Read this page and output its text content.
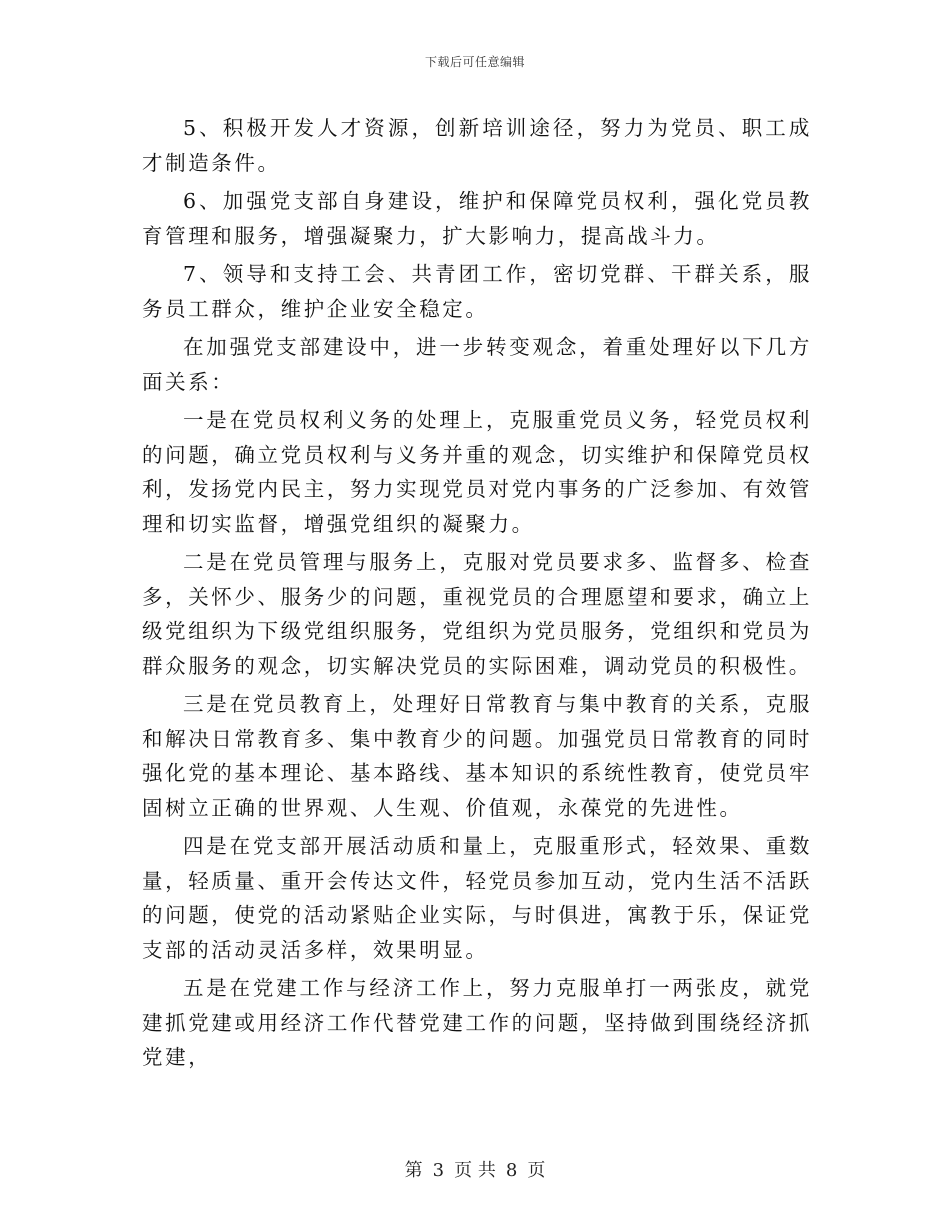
下载后可任意编辑

5、积极开发人才资源，创新培训途径，努力为党员、职工成才制造条件。

6、加强党支部自身建设，维护和保障党员权利，强化党员教育管理和服务，增强凝聚力，扩大影响力，提高战斗力。

7、领导和支持工会、共青团工作，密切党群、干群关系，服务员工群众，维护企业安全稳定。

在加强党支部建设中，进一步转变观念，着重处理好以下几方面关系：

一是在党员权利义务的处理上，克服重党员义务，轻党员权利的问题，确立党员权利与义务并重的观念，切实维护和保障党员权利，发扬党内民主，努力实现党员对党内事务的广泛参加、有效管理和切实监督，增强党组织的凝聚力。

二是在党员管理与服务上，克服对党员要求多、监督多、检查多，关怀少、服务少的问题，重视党员的合理愿望和要求，确立上级党组织为下级党组织服务，党组织为党员服务，党组织和党员为群众服务的观念，切实解决党员的实际困难，调动党员的积极性。

三是在党员教育上，处理好日常教育与集中教育的关系，克服和解决日常教育多、集中教育少的问题。加强党员日常教育的同时强化党的基本理论、基本路线、基本知识的系统性教育，使党员牢固树立正确的世界观、人生观、价值观，永葆党的先进性。

四是在党支部开展活动质和量上，克服重形式，轻效果、重数量，轻质量、重开会传达文件，轻党员参加互动，党内生活不活跃的问题，使党的活动紧贴企业实际，与时俱进，寓教于乐，保证党支部的活动灵活多样，效果明显。

五是在党建工作与经济工作上，努力克服单打一两张皮，就党建抓党建或用经济工作代替党建工作的问题，坚持做到围绕经济抓党建，

第 3 页 共 8 页
